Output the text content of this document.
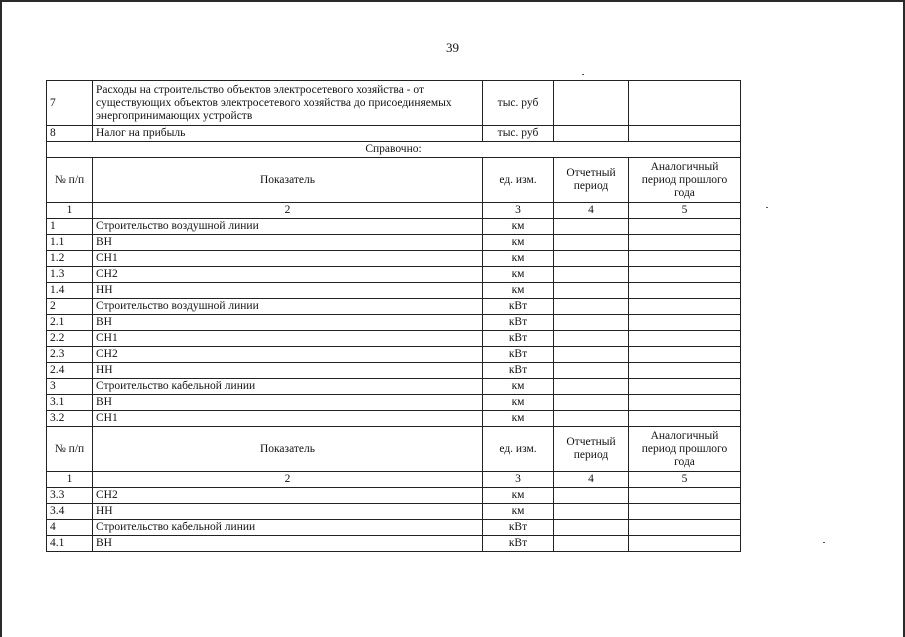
39
7	Расходы на строительство объектов электросетевого хозяйства - от существующих объектов электросетевого хозяйства до присоединяемых энергопринимающих устройств	тыс. руб		
8	Налог на прибыль	тыс. руб		
Справочно:				
№ п/п	Показатель	ед. изм.	Отчетный период	Аналогичный период прошлого года
1	2	3	4	5
1	Строительство воздушной линии	км		
1.1	ВН	км		
1.2	СН1	км		
1.3	СН2	км		
1.4	НН	км		
2	Строительство воздушной линии	кВт		
2.1	ВН	кВт		
2.2	СН1	кВт		
2.3	СН2	кВт		
2.4	НН	кВт		
3	Строительство кабельной линии	км		
3.1	ВН	км		
3.2	СН1	км		
№ п/п	Показатель	ед. изм.	Отчетный период	Аналогичный период прошлого года
1	2	3	4	5
3.3	СН2	км		
3.4	НН	км		
4	Строительство кабельной линии	кВт		
4.1	ВН	кВт		
